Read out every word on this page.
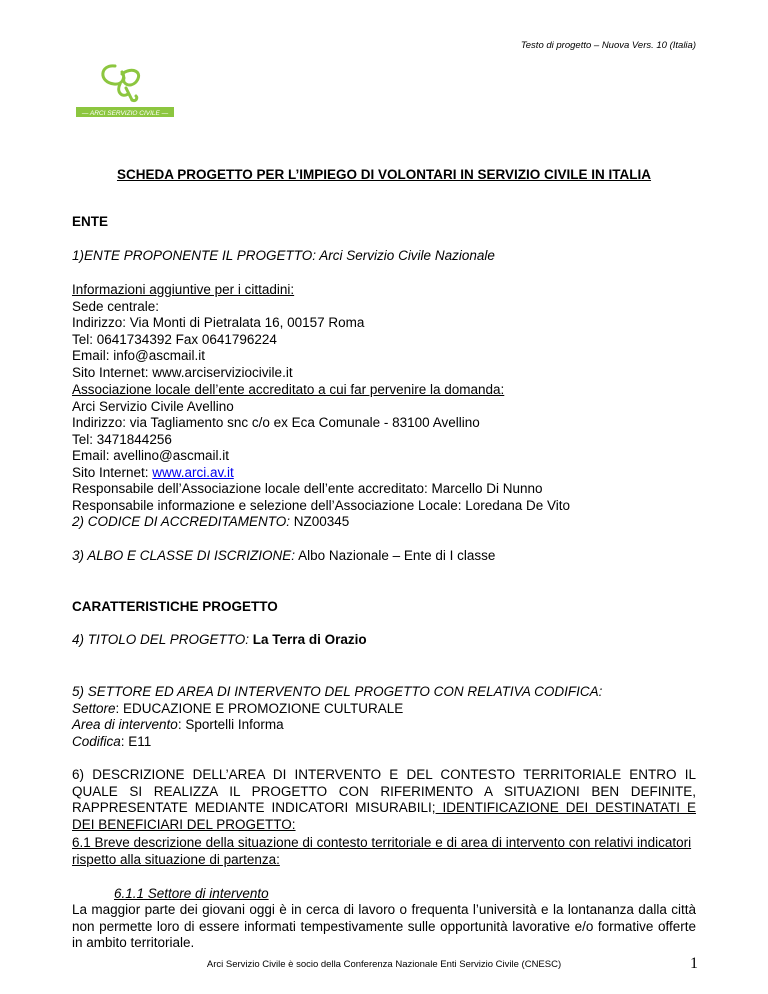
Testo di progetto – Nuova Vers. 10 (Italia)
— ARCI SERVIZIO CIVILE —
SCHEDA PROGETTO PER L’IMPIEGO DI VOLONTARI IN SERVIZIO CIVILE IN ITALIA
ENTE
1)ENTE PROPONENTE IL PROGETTO: Arci Servizio Civile Nazionale
Informazioni aggiuntive per i cittadini:
Sede centrale:
Indirizzo: Via Monti di Pietralata 16, 00157 Roma
Tel: 0641734392 Fax 0641796224
Email: info@ascmail.it
Sito Internet: www.arciserviziocivile.it
Associazione locale dell’ente accreditato a cui far pervenire la domanda:
Arci Servizio Civile Avellino
Indirizzo: via Tagliamento snc c/o ex Eca Comunale - 83100 Avellino
Tel: 3471844256
Email: avellino@ascmail.it
Sito Internet: www.arci.av.it
Responsabile dell’Associazione locale dell’ente accreditato: Marcello Di Nunno
Responsabile informazione e selezione dell’Associazione Locale: Loredana De Vito
2) CODICE DI ACCREDITAMENTO: NZ00345
3) ALBO E CLASSE DI ISCRIZIONE: Albo Nazionale – Ente di I classe
CARATTERISTICHE PROGETTO
4) TITOLO DEL PROGETTO: La Terra di Orazio
5) SETTORE ED AREA DI INTERVENTO DEL PROGETTO CON RELATIVA CODIFICA:
Settore: EDUCAZIONE E PROMOZIONE CULTURALE
Area di intervento: Sportelli Informa
Codifica: E11
6) DESCRIZIONE DELL’AREA DI INTERVENTO E DEL CONTESTO TERRITORIALE ENTRO IL QUALE SI REALIZZA IL PROGETTO CON RIFERIMENTO A SITUAZIONI BEN DEFINITE, RAPPRESENTATE MEDIANTE INDICATORI MISURABILI; IDENTIFICAZIONE DEI DESTINATATI E DEI BENEFICIARI DEL PROGETTO:
6.1 Breve descrizione della situazione di contesto territoriale e di area di intervento con relativi indicatori rispetto alla situazione di partenza:
6.1.1 Settore di intervento
La maggior parte dei giovani oggi è in cerca di lavoro o frequenta l’università e la lontananza dalla città non permette loro di essere informati tempestivamente sulle opportunità lavorative e/o formative offerte in ambito territoriale.
Arci Servizio Civile è socio della Conferenza Nazionale Enti Servizio Civile (CNESC)	1
